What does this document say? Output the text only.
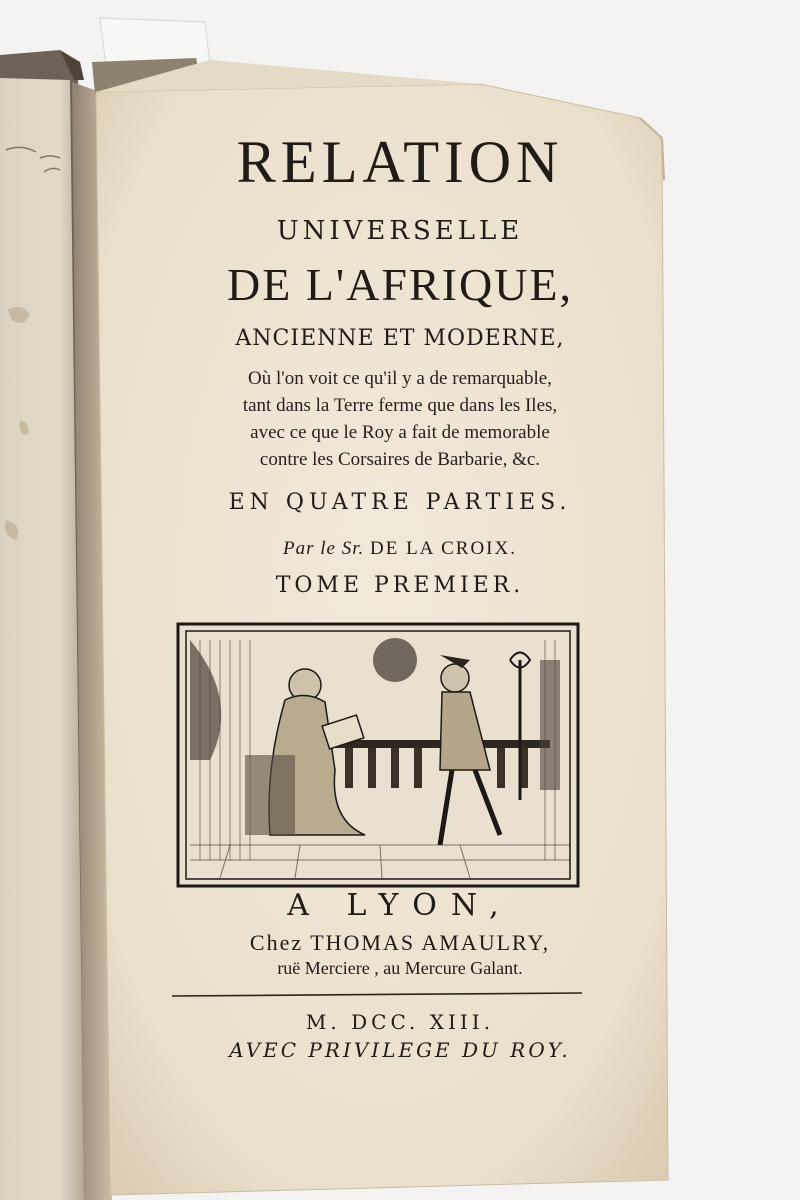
RELATION
UNIVERSELLE
DE L'AFRIQUE,
ANCIENNE ET MODERNE,
Où l'on voit ce qu'il y a de remarquable,
tant dans la Terre ferme que dans les Iles,
avec ce que le Roy a fait de memorable
contre les Corsaires de Barbarie, &c.
EN QUATRE PARTIES.
Par le Sr. DE LA CROIX.
TOME PREMIER.
A LYON,
Chez THOMAS AMAULRY,
ruë Merciere , au Mercure Galant.
M. DCC. XIII.
AVEC PRIVILEGE DU ROY.
